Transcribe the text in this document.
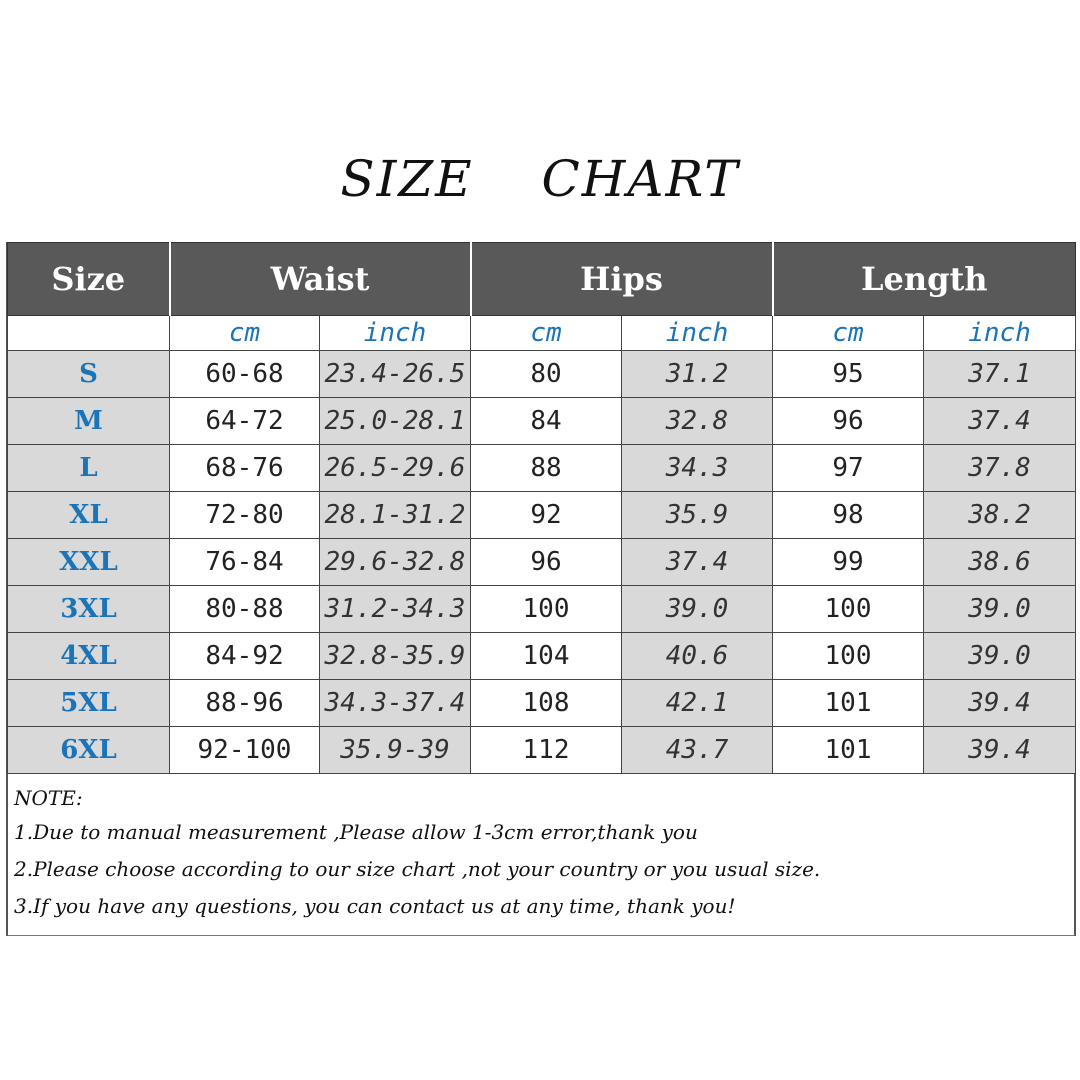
SIZE CHART
Size	Waist		Hips		Length	
	cm	inch	cm	inch	cm	inch
S	60-68	23.4-26.5	80	31.2	95	37.1
M	64-72	25.0-28.1	84	32.8	96	37.4
L	68-76	26.5-29.6	88	34.3	97	37.8
XL	72-80	28.1-31.2	92	35.9	98	38.2
XXL	76-84	29.6-32.8	96	37.4	99	38.6
3XL	80-88	31.2-34.3	100	39.0	100	39.0
4XL	84-92	32.8-35.9	104	40.6	100	39.0
5XL	88-96	34.3-37.4	108	42.1	101	39.4
6XL	92-100	35.9-39	112	43.7	101	39.4
NOTE:
1.Due to manual measurement ,Please allow 1-3cm error,thank you
2.Please choose according to our size chart ,not your country or you usual size.
3.If you have any questions, you can contact us at any time, thank you!
